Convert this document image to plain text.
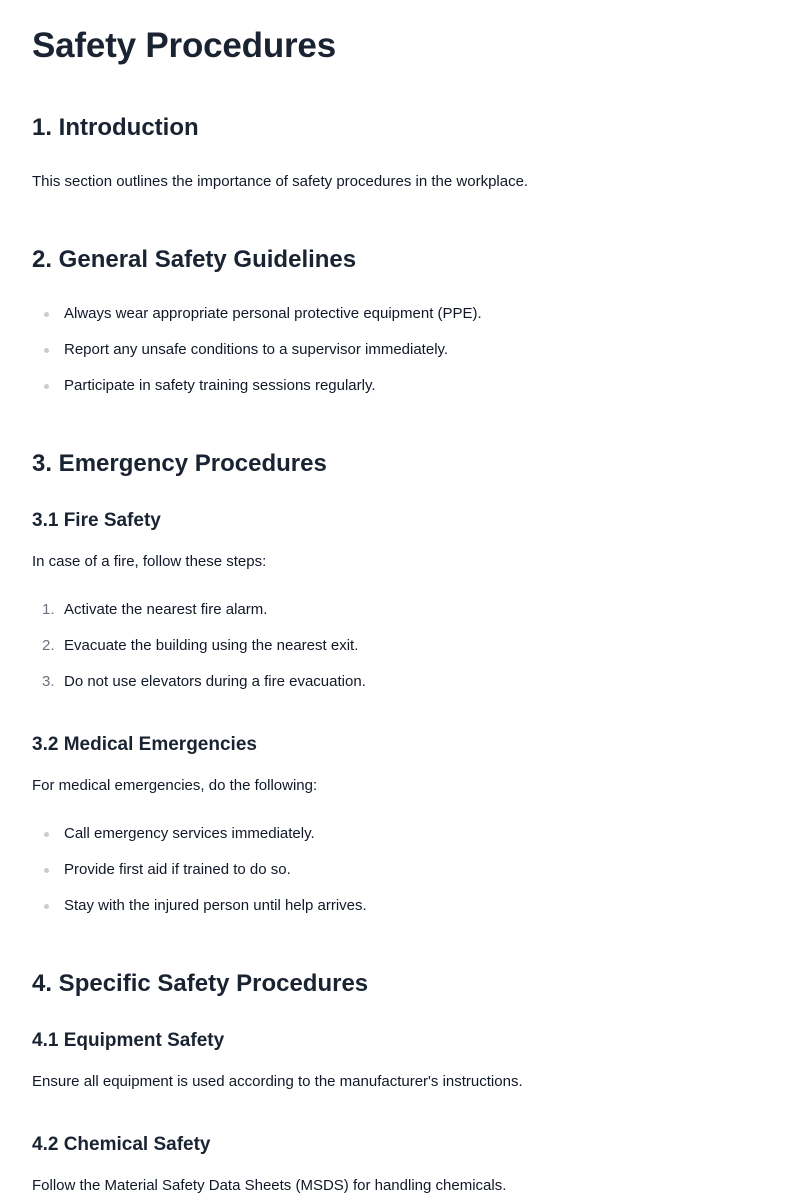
Safety Procedures
1. Introduction

This section outlines the importance of safety procedures in the workplace.

2. General Safety Guidelines
Always wear appropriate personal protective equipment (PPE).
Report any unsafe conditions to a supervisor immediately.
Participate in safety training sessions regularly.
3. Emergency Procedures
3.1 Fire Safety

In case of a fire, follow these steps:

1. Activate the nearest fire alarm.
2. Evacuate the building using the nearest exit.
3. Do not use elevators during a fire evacuation.
3.2 Medical Emergencies

For medical emergencies, do the following:

Call emergency services immediately.
Provide first aid if trained to do so.
Stay with the injured person until help arrives.
4. Specific Safety Procedures
4.1 Equipment Safety

Ensure all equipment is used according to the manufacturer's instructions.

4.2 Chemical Safety

Follow the Material Safety Data Sheets (MSDS) for handling chemicals.
